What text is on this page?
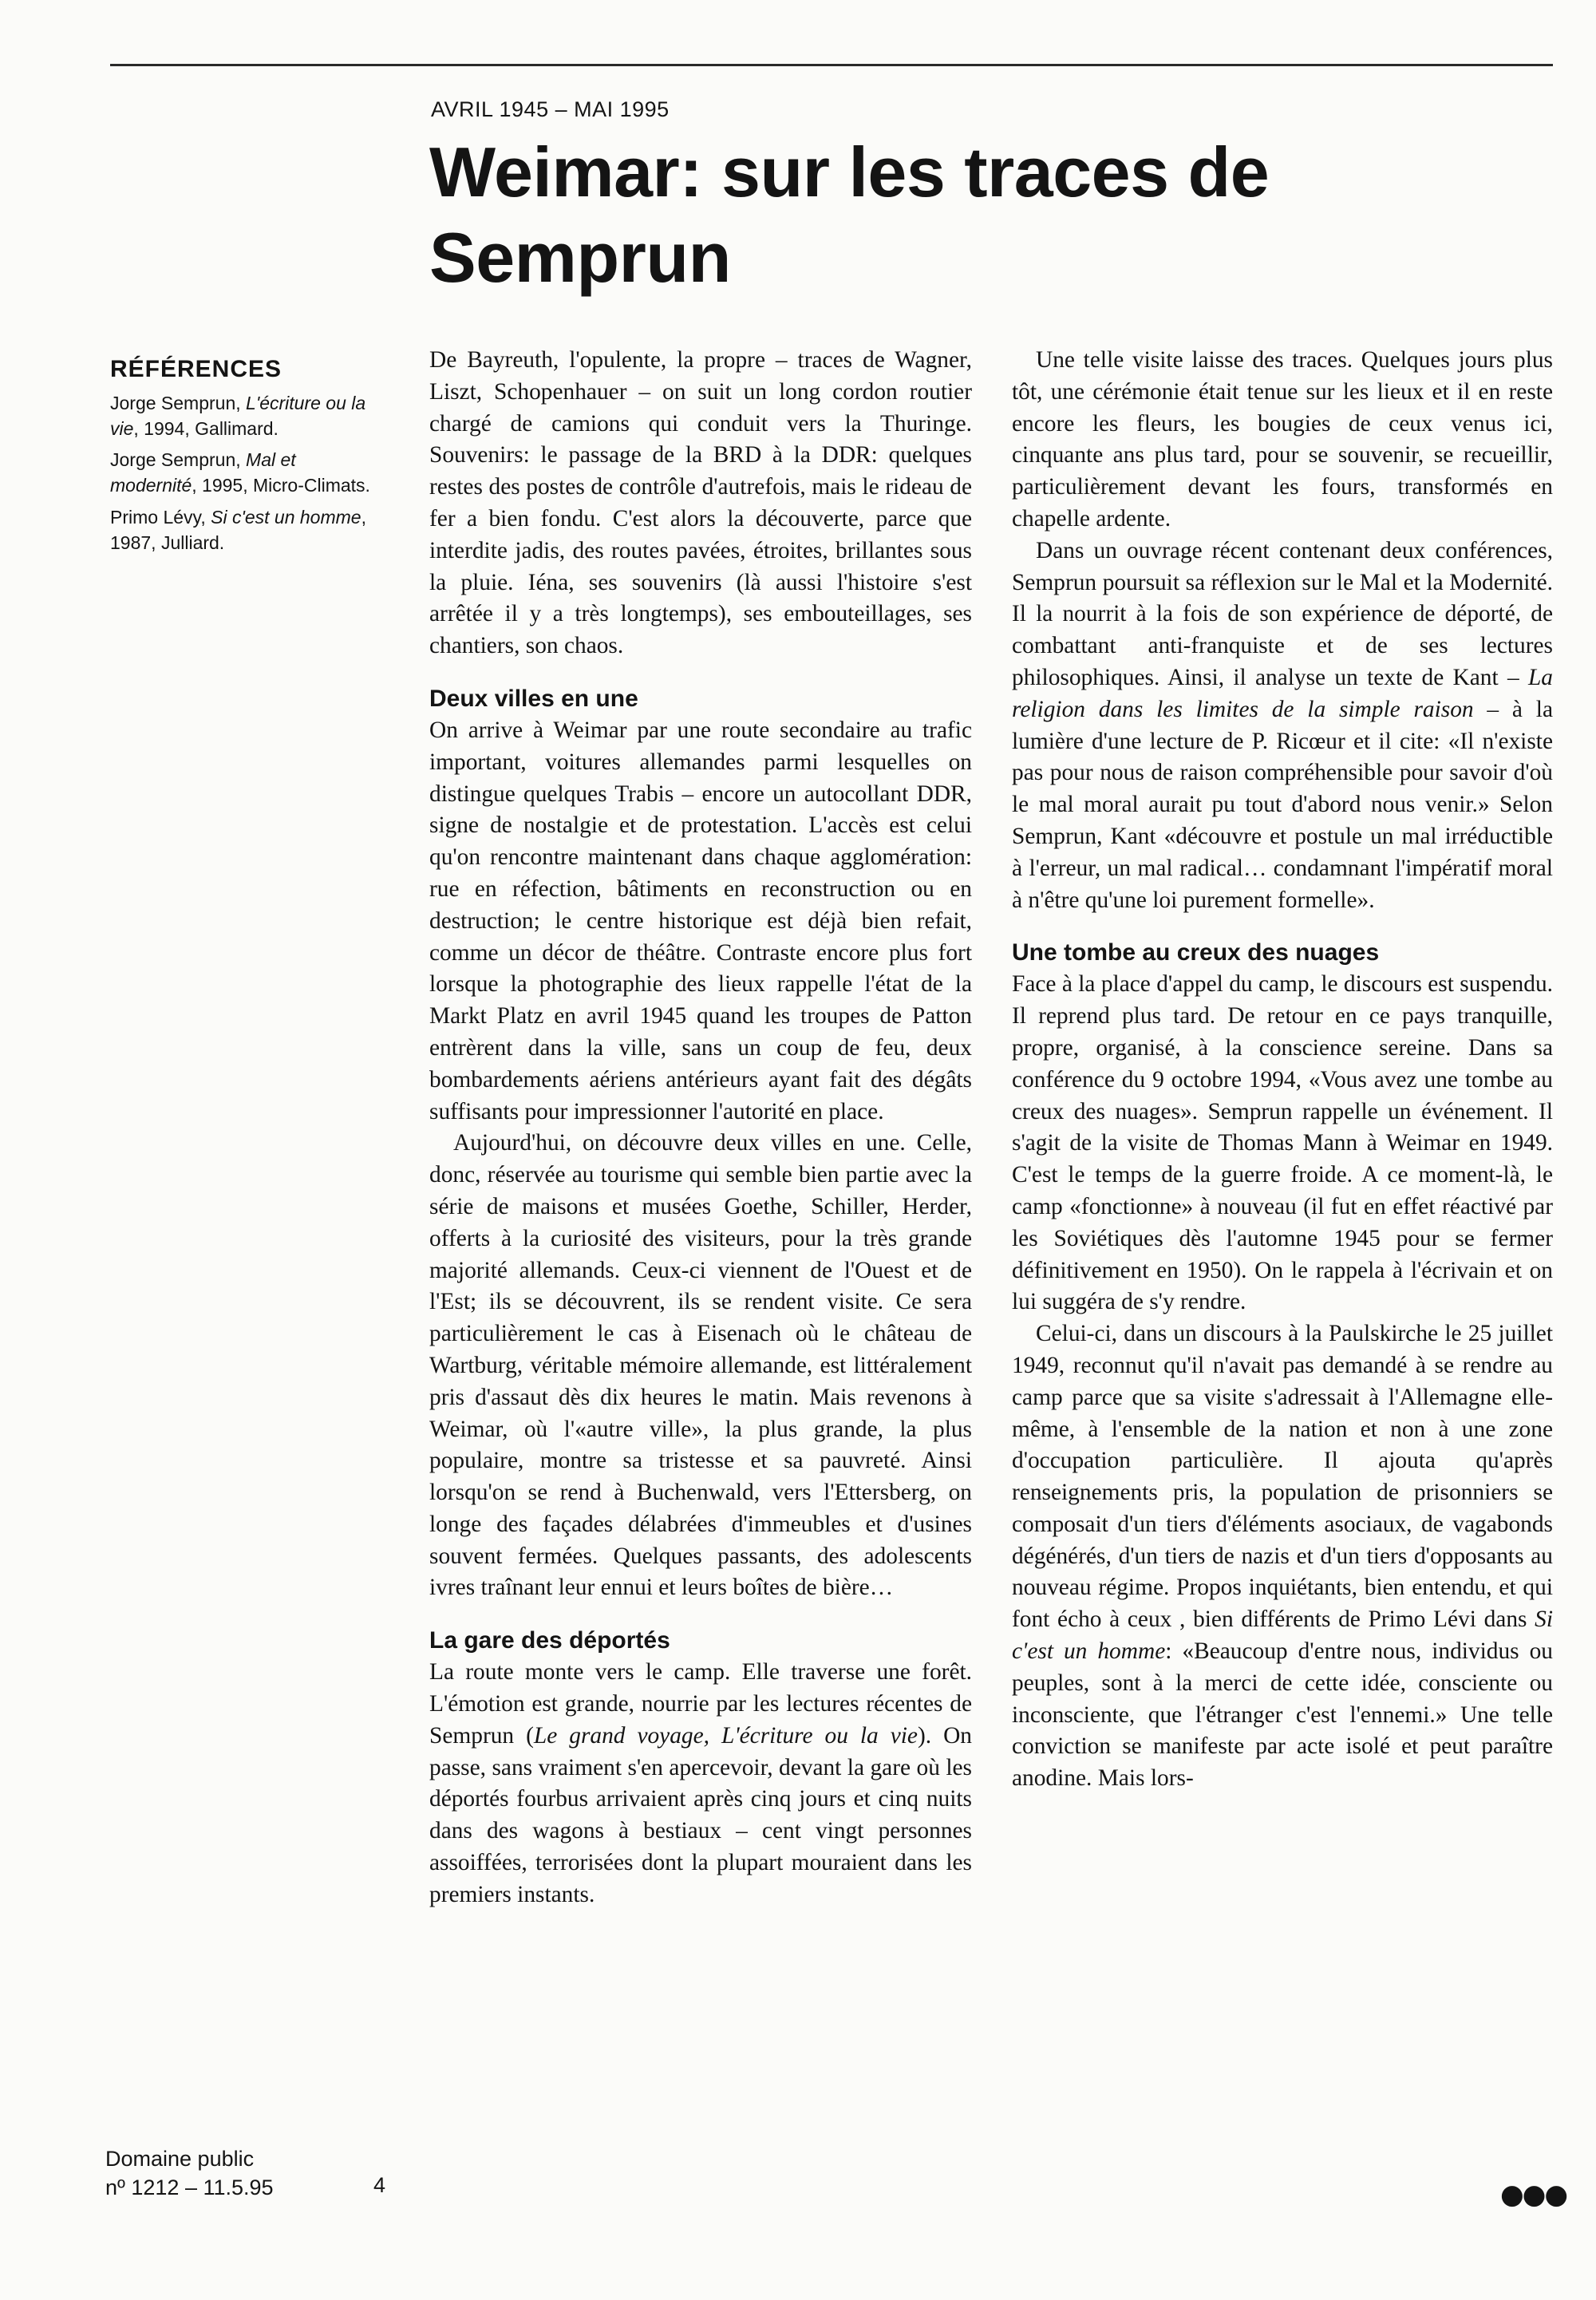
AVRIL 1945 – MAI 1995
Weimar: sur les traces de Semprun
RÉFÉRENCES

Jorge Semprun, L'écriture ou la vie, 1994, Gallimard.

Jorge Semprun, Mal et modernité, 1995, Micro-Climats.

Primo Lévy, Si c'est un homme, 1987, Julliard.

De Bayreuth, l'opulente, la propre – traces de Wagner, Liszt, Schopenhauer – on suit un long cordon routier chargé de camions qui conduit vers la Thuringe. Souvenirs: le passage de la BRD à la DDR: quelques restes des postes de contrôle d'autrefois, mais le rideau de fer a bien fondu. C'est alors la découverte, parce que interdite jadis, des routes pavées, étroites, brillantes sous la pluie. Iéna, ses souvenirs (là aussi l'histoire s'est arrêtée il y a très longtemps), ses embouteillages, ses chantiers, son chaos.

Deux villes en une

On arrive à Weimar par une route secondaire au trafic important, voitures allemandes parmi lesquelles on distingue quelques Trabis – encore un autocollant DDR, signe de nostalgie et de protestation. L'accès est celui qu'on rencontre maintenant dans chaque agglomération: rue en réfection, bâtiments en reconstruction ou en destruction; le centre historique est déjà bien refait, comme un décor de théâtre. Contraste encore plus fort lorsque la photographie des lieux rappelle l'état de la Markt Platz en avril 1945 quand les troupes de Patton entrèrent dans la ville, sans un coup de feu, deux bombardements aériens antérieurs ayant fait des dégâts suffisants pour impressionner l'autorité en place.

Aujourd'hui, on découvre deux villes en une. Celle, donc, réservée au tourisme qui semble bien partie avec la série de maisons et musées Goethe, Schiller, Herder, offerts à la curiosité des visiteurs, pour la très grande majorité allemands. Ceux-ci viennent de l'Ouest et de l'Est; ils se découvrent, ils se rendent visite. Ce sera particulièrement le cas à Eisenach où le château de Wartburg, véritable mémoire allemande, est littéralement pris d'assaut dès dix heures le matin. Mais revenons à Weimar, où l'«autre ville», la plus grande, la plus populaire, montre sa tristesse et sa pauvreté. Ainsi lorsqu'on se rend à Buchenwald, vers l'Ettersberg, on longe des façades délabrées d'immeubles et d'usines souvent fermées. Quelques passants, des adolescents ivres traînant leur ennui et leurs boîtes de bière…

La gare des déportés

La route monte vers le camp. Elle traverse une forêt. L'émotion est grande, nourrie par les lectures récentes de Semprun (Le grand voyage, L'écriture ou la vie). On passe, sans vraiment s'en apercevoir, devant la gare où les déportés fourbus arrivaient après cinq jours et cinq nuits dans des wagons à bestiaux – cent vingt personnes assoiffées, terrorisées dont la plupart mouraient dans les premiers instants.

Une telle visite laisse des traces. Quelques jours plus tôt, une cérémonie était tenue sur les lieux et il en reste encore les fleurs, les bougies de ceux venus ici, cinquante ans plus tard, pour se souvenir, se recueillir, particulièrement devant les fours, transformés en chapelle ardente.

Dans un ouvrage récent contenant deux conférences, Semprun poursuit sa réflexion sur le Mal et la Modernité. Il la nourrit à la fois de son expérience de déporté, de combattant anti-franquiste et de ses lectures philosophiques. Ainsi, il analyse un texte de Kant – La religion dans les limites de la simple raison – à la lumière d'une lecture de P. Ricœur et il cite: «Il n'existe pas pour nous de raison compréhensible pour savoir d'où le mal moral aurait pu tout d'abord nous venir.» Selon Semprun, Kant «découvre et postule un mal irréductible à l'erreur, un mal radical… condamnant l'impératif moral à n'être qu'une loi purement formelle».

Une tombe au creux des nuages

Face à la place d'appel du camp, le discours est suspendu. Il reprend plus tard. De retour en ce pays tranquille, propre, organisé, à la conscience sereine. Dans sa conférence du 9 octobre 1994, «Vous avez une tombe au creux des nuages». Semprun rappelle un événement. Il s'agit de la visite de Thomas Mann à Weimar en 1949. C'est le temps de la guerre froide. A ce moment-là, le camp «fonctionne» à nouveau (il fut en effet réactivé par les Soviétiques dès l'automne 1945 pour se fermer définitivement en 1950). On le rappela à l'écrivain et on lui suggéra de s'y rendre.

Celui-ci, dans un discours à la Paulskirche le 25 juillet 1949, reconnut qu'il n'avait pas demandé à se rendre au camp parce que sa visite s'adressait à l'Allemagne elle-même, à l'ensemble de la nation et non à une zone d'occupation particulière. Il ajouta qu'après renseignements pris, la population de prisonniers se composait d'un tiers d'éléments asociaux, de vagabonds dégénérés, d'un tiers de nazis et d'un tiers d'opposants au nouveau régime. Propos inquiétants, bien entendu, et qui font écho à ceux , bien différents de Primo Lévi dans Si c'est un homme: «Beaucoup d'entre nous, individus ou peuples, sont à la merci de cette idée, consciente ou inconsciente, que l'étranger c'est l'ennemi.» Une telle conviction se manifeste par acte isolé et peut paraître anodine. Mais lors-

Domaine public
nº 1212 – 11.5.95	4	●●●
